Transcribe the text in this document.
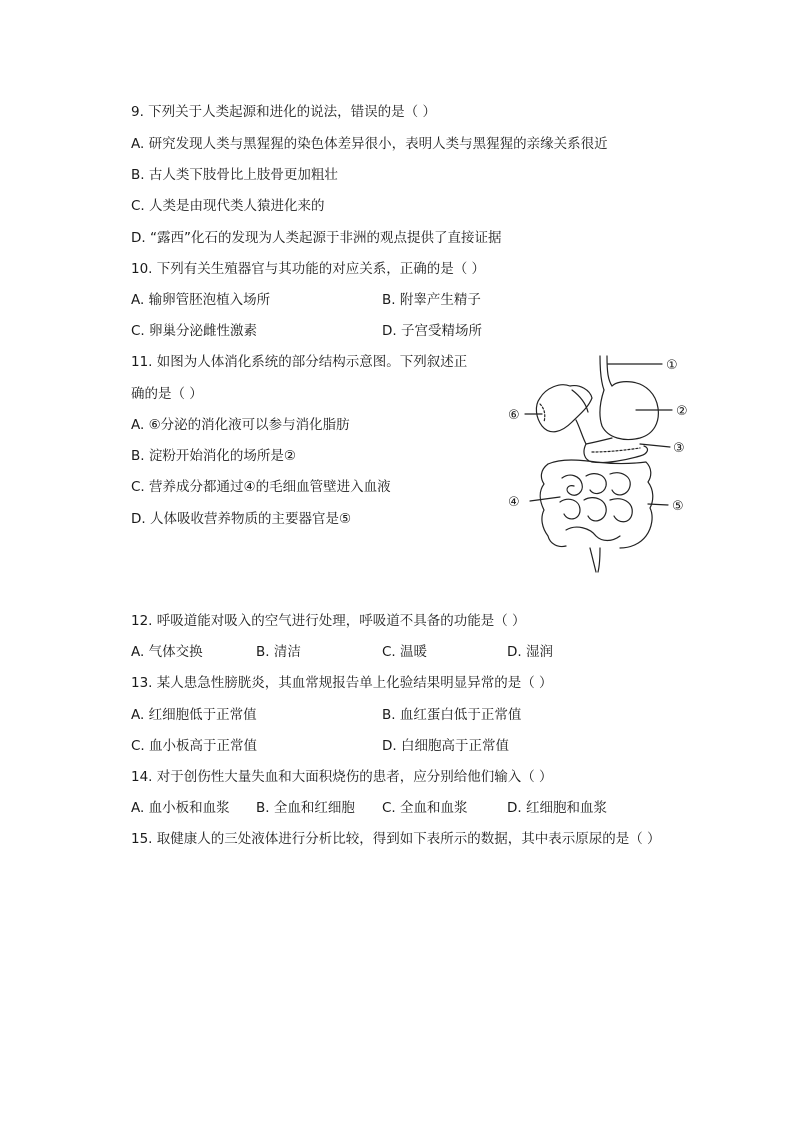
9. 下列关于人类起源和进化的说法，错误的是（ ）
A. 研究发现人类与黑猩猩的染色体差异很小，表明人类与黑猩猩的亲缘关系很近
B. 古人类下肢骨比上肢骨更加粗壮
C. 人类是由现代类人猿进化来的
D. “露西”化石的发现为人类起源于非洲的观点提供了直接证据
10. 下列有关生殖器官与其功能的对应关系，正确的是（ ）
A. 输卵管胚泡植入场所	B. 附睾产生精子
C. 卵巢分泌雌性激素	D. 子宫受精场所
11. 如图为人体消化系统的部分结构示意图。下列叙述正
确的是（ ）
A. ⑥分泌的消化液可以参与消化脂肪
B. 淀粉开始消化的场所是②
C. 营养成分都通过④的毛细血管壁进入血液
D. 人体吸收营养物质的主要器官是⑤
①
②
③
④	⑤
⑥
12. 呼吸道能对吸入的空气进行处理，呼吸道不具备的功能是（ ）
A. 气体交换	B. 清洁	C. 温暖	D. 湿润
13. 某人患急性膀胱炎，其血常规报告单上化验结果明显异常的是（ ）
A. 红细胞低于正常值	B. 血红蛋白低于正常值
C. 血小板高于正常值	D. 白细胞高于正常值
14. 对于创伤性大量失血和大面积烧伤的患者，应分别给他们输入（ ）
A. 血小板和血浆 B. 全血和红细胞 C. 全血和血浆	D. 红细胞和血浆
15. 取健康人的三处液体进行分析比较，得到如下表所示的数据，其中表示原尿的是（ ）
